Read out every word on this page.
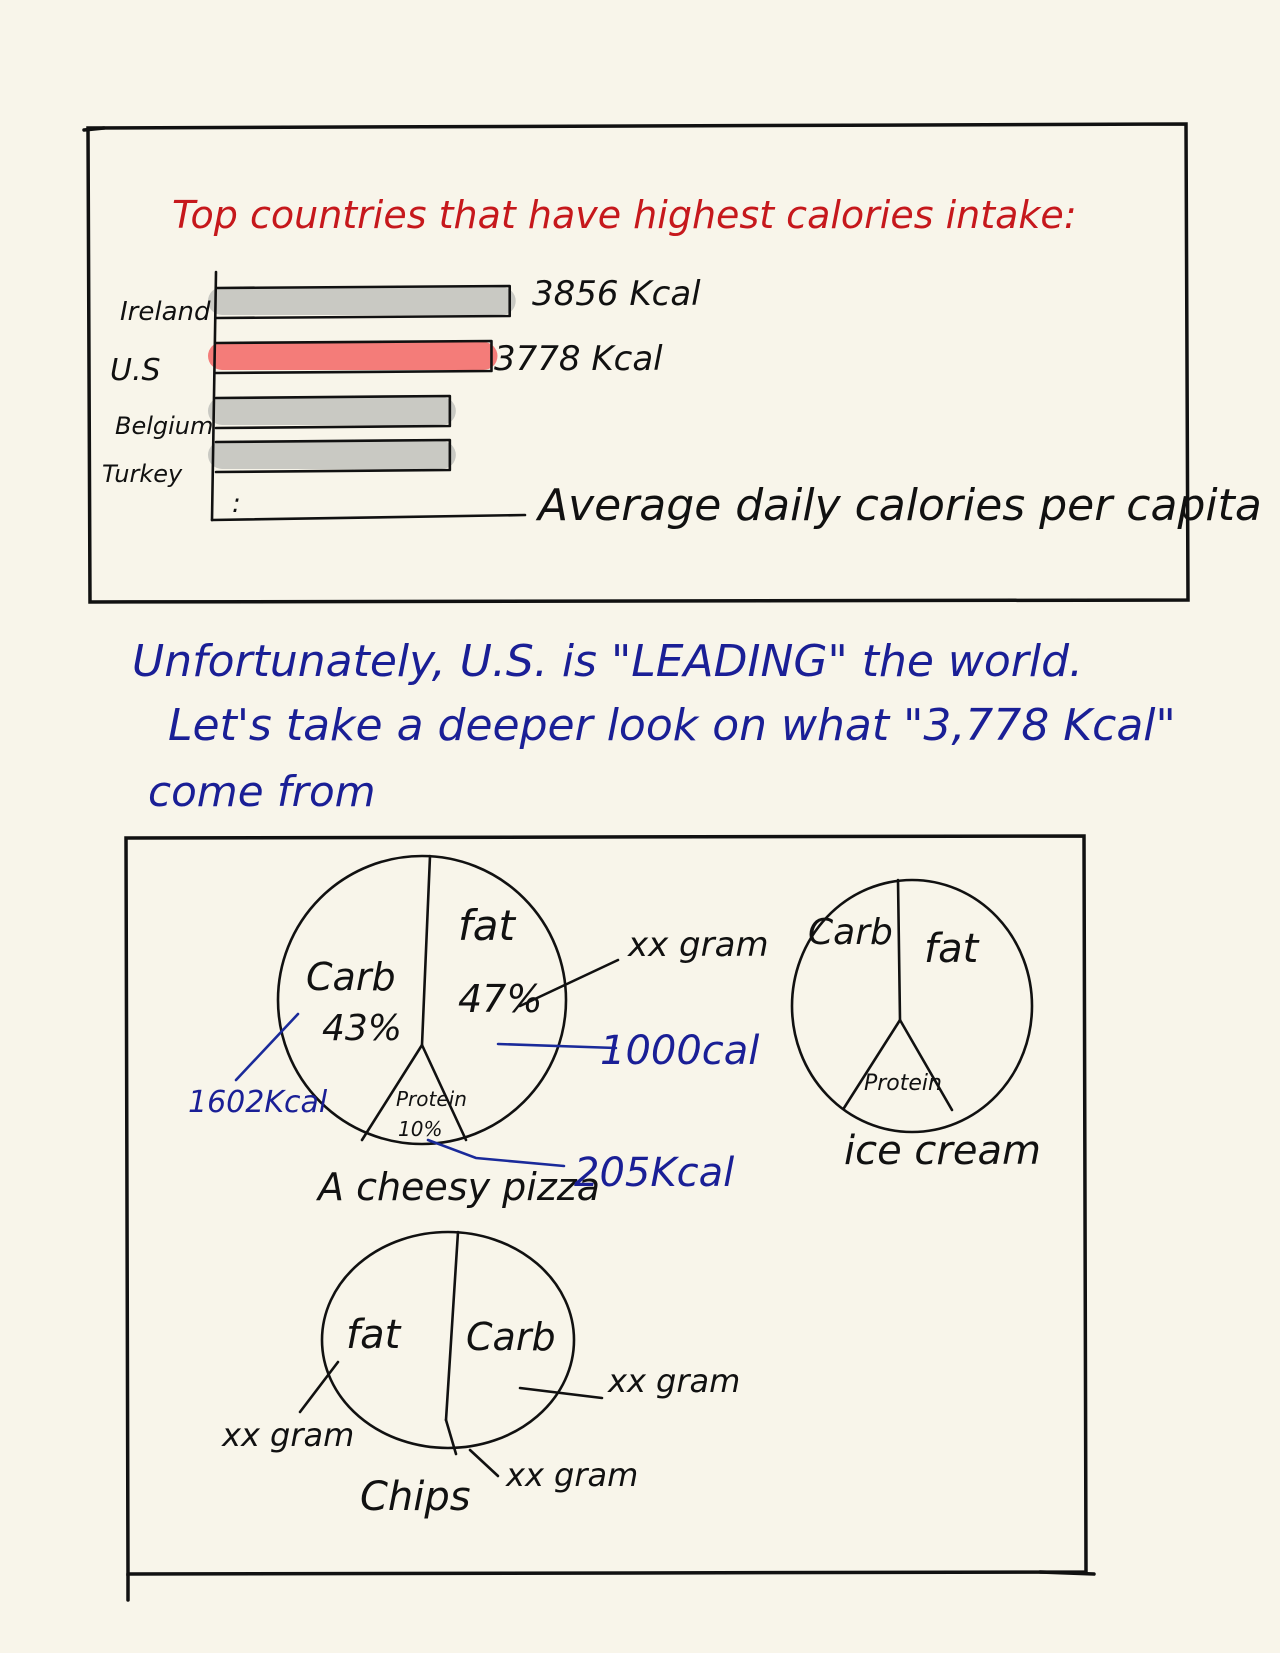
Top countries that have highest calories intake:
:
Ireland
U.S
Belgium
Turkey
3856 Kcal
3778 Kcal
Average daily calories per capita
Unfortunately, U.S. is "LEADING" the world.
Let's take a deeper look on what "3,778 Kcal"
come from
Carb
43%
fat
47%
Protein
10%
A cheesy pizza
xx gram
1602Kcal
1000cal
205Kcal
Carb fat
Protein
ice cream
fat Carb
xx gram
xx gram
xx gram
Chips
